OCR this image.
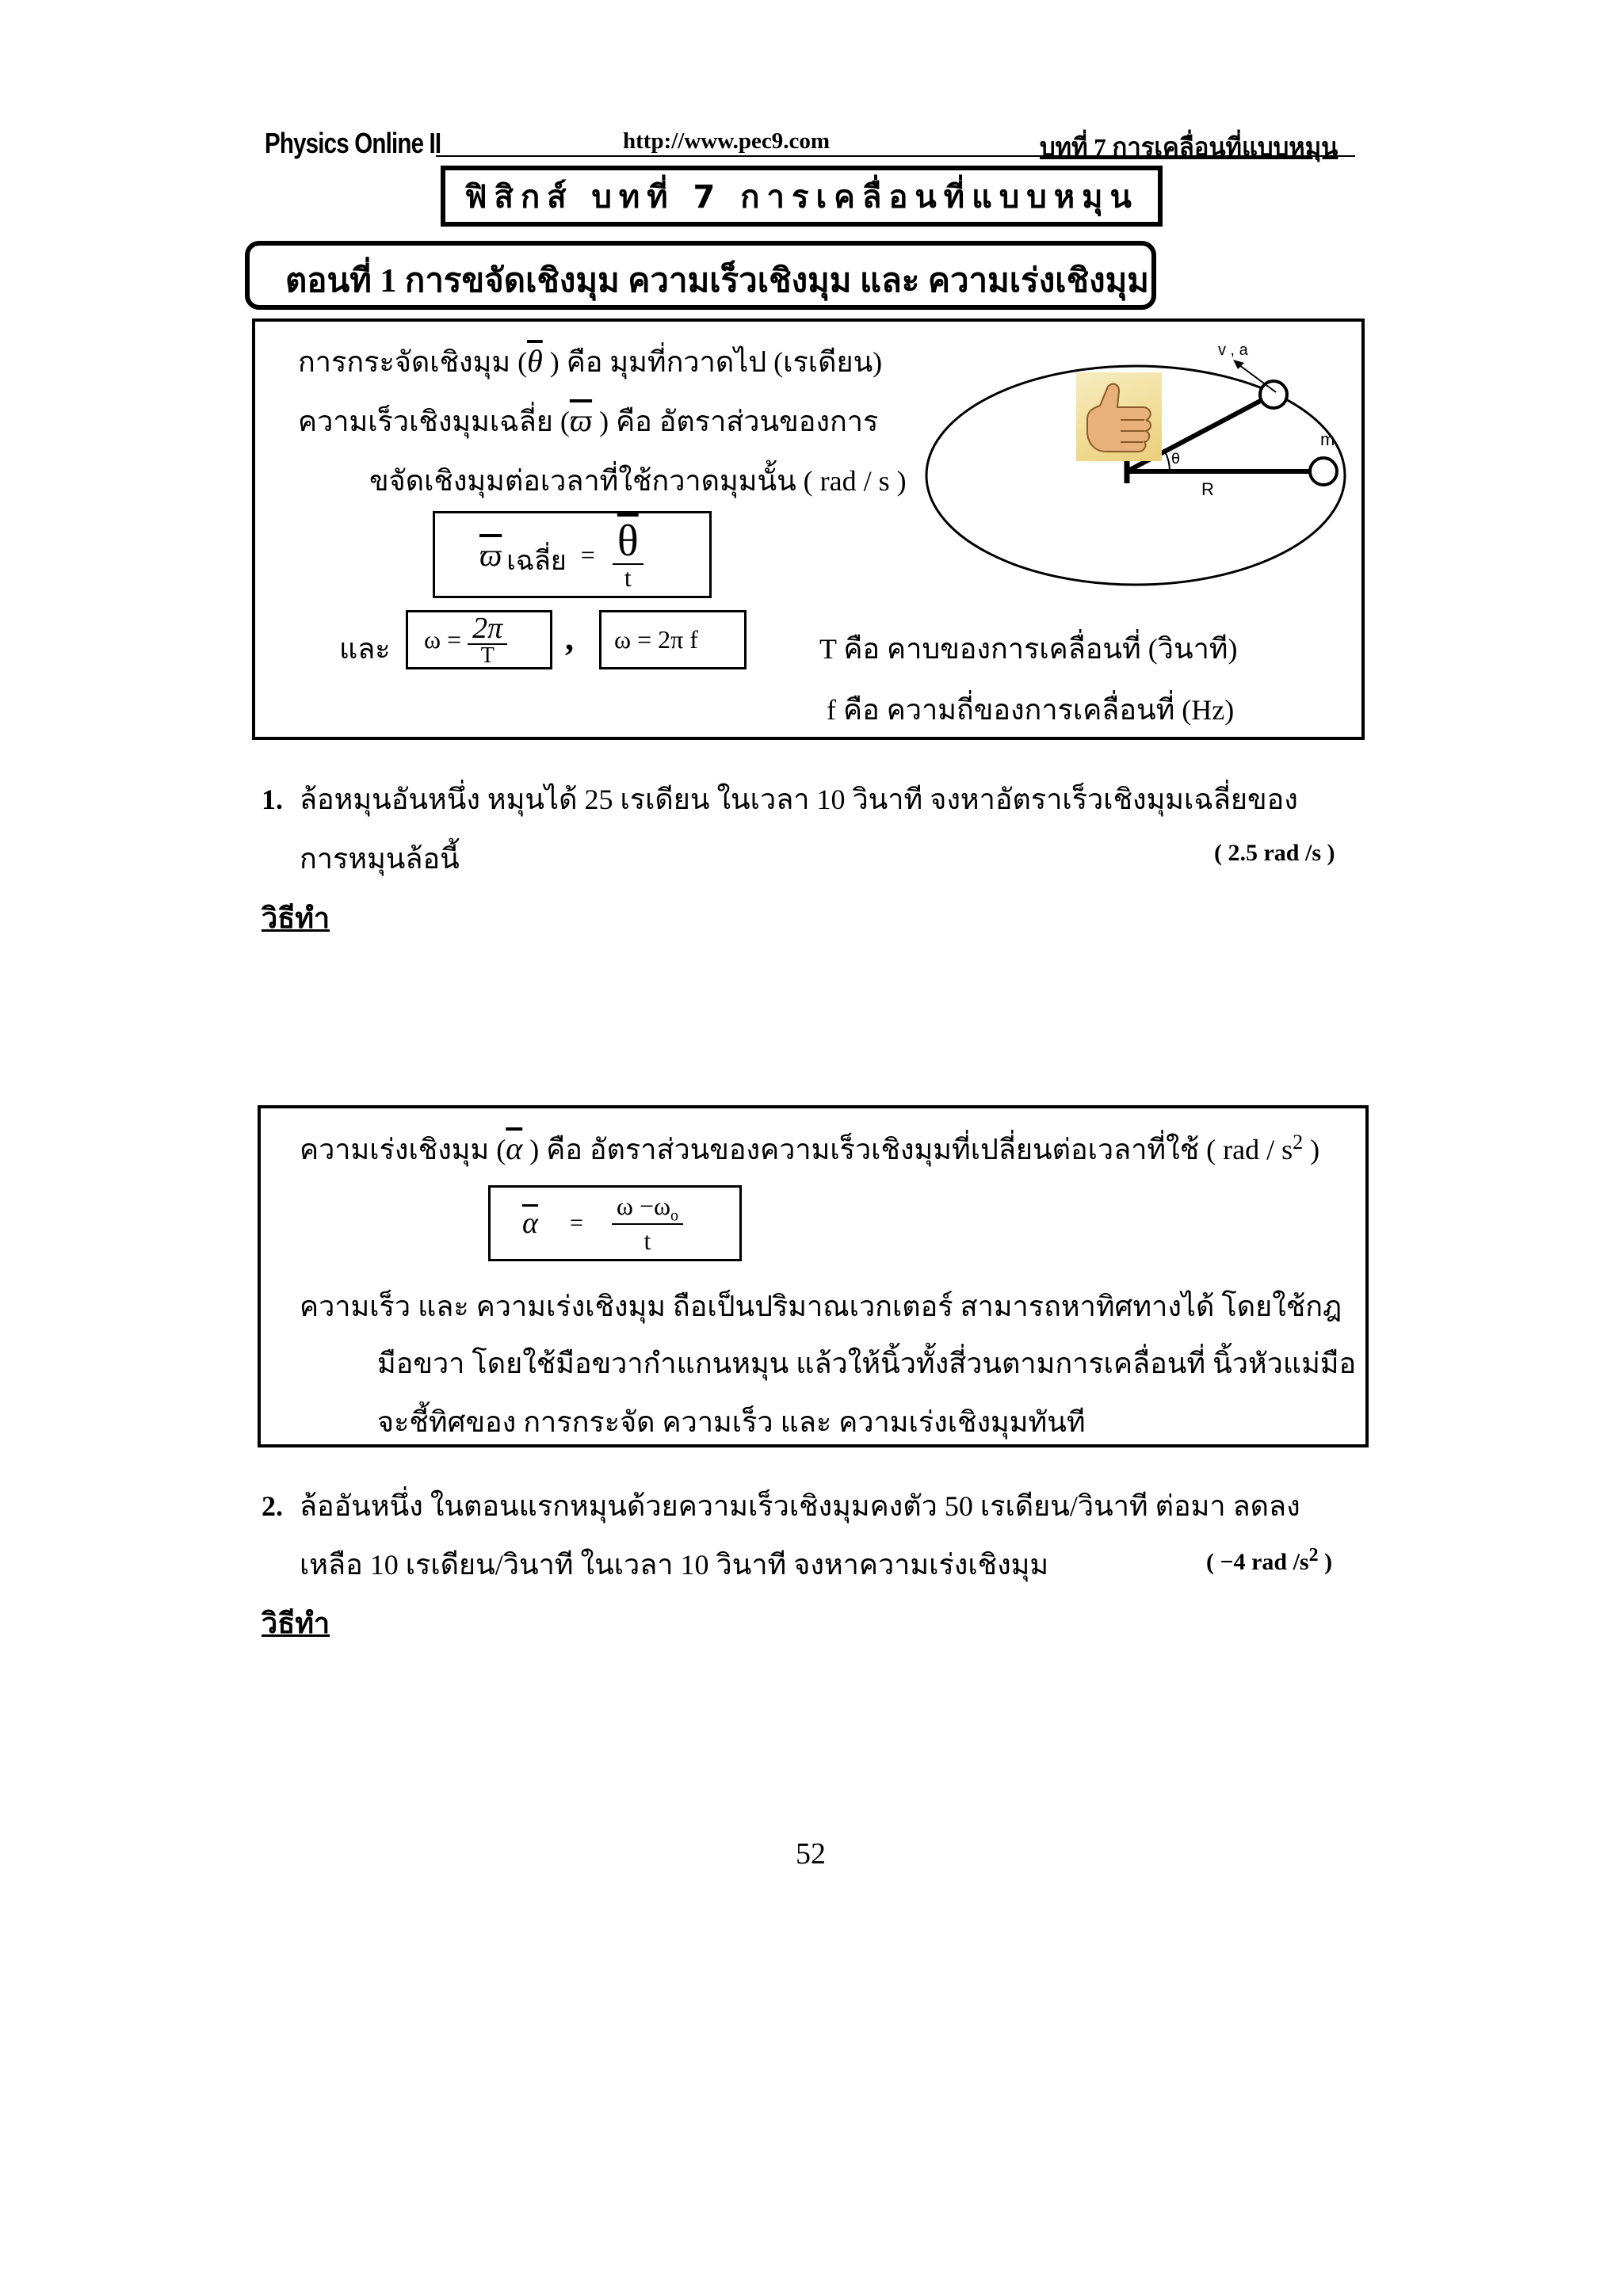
Physics Online II	http://www.pec9.com	บทที่ 7 การเคลื่อนที่แบบหมุน
ฟิสิกส์ บทที่ 7 การเคลื่อนที่แบบหมุน
ตอนที่ 1 การขจัดเชิงมุม ความเร็วเชิงมุม และ ความเร่งเชิงมุม
การกระจัดเชิงมุม ($\overline{\theta}$ ) คือ มุมที่กวาดไป (เรเดียน)
ความเร็วเชิงมุมเฉลี่ย ($\overline{ϖ}$ ) คือ อัตราส่วนของการ
ขจัดเชิงมุมต่อเวลาที่ใช้กวาดมุมนั้น ( rad / s )
$\overline{ϖ}$ เฉลี่ย = $\frac{\overline{\theta}}{t}$
และ $\omega = \frac{2\pi}{T}$ , ω = 2π f	T คือ คาบของการเคลื่อนที่ (วินาที)
f คือ ความถี่ของการเคลื่อนที่ (Hz)
v , a
m
θ
R
1. ล้อหมุนอันหนึ่ง หมุนได้ 25 เรเดียน ในเวลา 10 วินาที จงหาอัตราเร็วเชิงมุมเฉลี่ยของ
การหมุนล้อนี้	( 2.5 rad /s )
วิธีทำ
ความเร่งเชิงมุม ($\overline{\alpha}$ ) คือ อัตราส่วนของความเร็วเชิงมุมที่เปลี่ยนต่อเวลาที่ใช้ ( rad / $s^2$ )
$\overline{\alpha} = \frac{\omega -\omega_o}{t}$
ความเร็ว และ ความเร่งเชิงมุม ถือเป็นปริมาณเวกเตอร์ สามารถหาทิศทางได้ โดยใช้กฎ
มือขวา โดยใช้มือขวากำแกนหมุน แล้วให้นิ้วทั้งสี่วนตามการเคลื่อนที่ นิ้วหัวแม่มือ
จะชี้ทิศของ การกระจัด ความเร็ว และ ความเร่งเชิงมุมทันที
2. ล้ออันหนึ่ง ในตอนแรกหมุนด้วยความเร็วเชิงมุมคงตัว 50 เรเดียน/วินาที ต่อมา ลดลง
เหลือ 10 เรเดียน/วินาที ในเวลา 10 วินาที จงหาความเร่งเชิงมุม	( −4 rad $/s^2$ )
วิธีทำ
52
